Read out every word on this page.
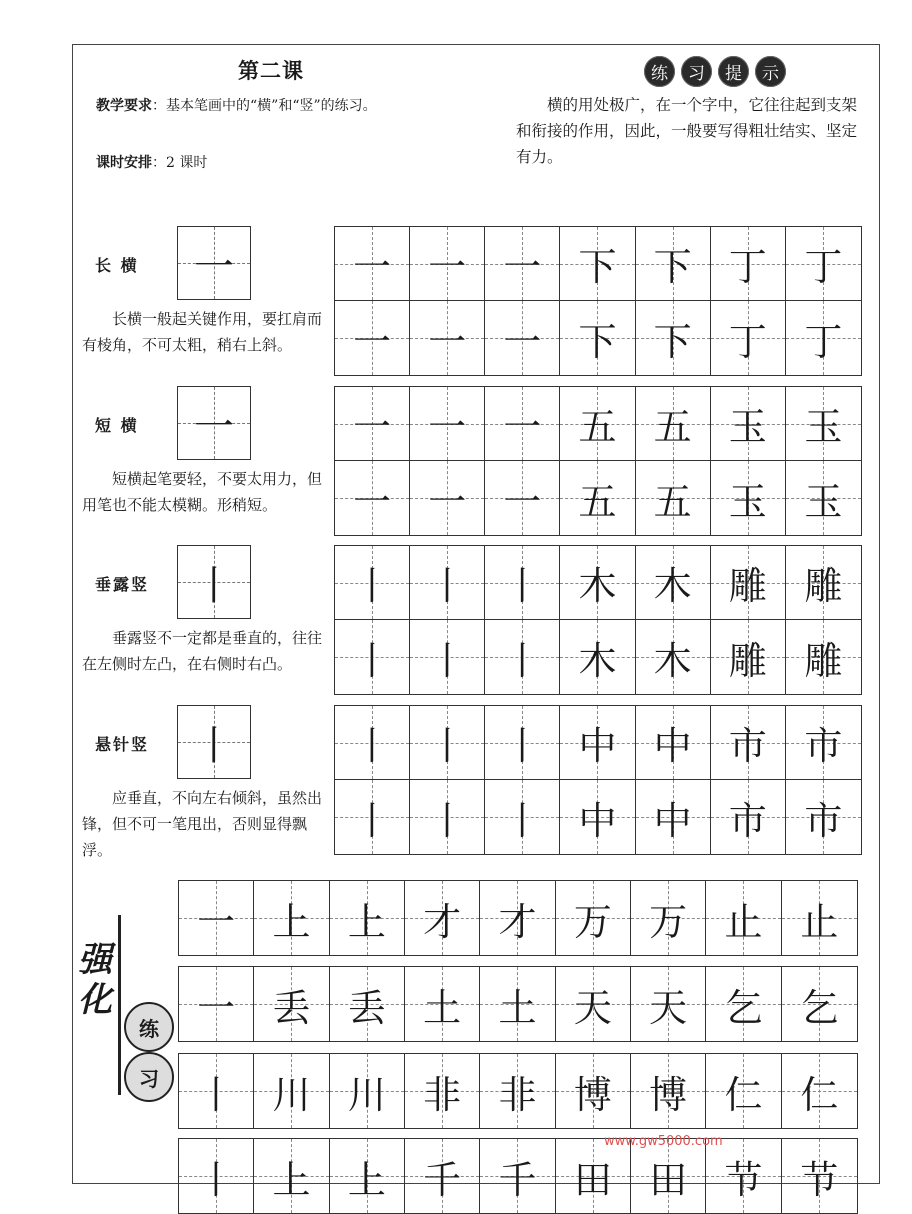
第二课
教学要求：基本笔画中的“横”和“竖”的练习。
课时安排：2 课时
练	习	提	示
横的用处极广，在一个字中，它往往起到支架和衔接的作用，因此，一般要写得粗壮结实、坚定有力。
长 横	一
长横一般起关键作用，要扛肩而有棱角，不可太粗，稍右上斜。
一 一 一 下 下 丁 丁
一 一 一 下 下 丁 丁
短 横	一
短横起笔要轻，不要太用力，但用笔也不能太模糊。形稍短。
一 一 一 五 五 玉 玉
一 一 一 五 五 玉 玉
垂露竖	丨
垂露竖不一定都是垂直的，往往在左侧时左凸，在右侧时右凸。
丨 丨 丨 木 木 雕 雕
丨 丨 丨 木 木 雕 雕
悬针竖	丨
应垂直，不向左右倾斜，虽然出锋，但不可一笔甩出，否则显得飘浮。
丨 丨 丨 中 中 市 市
丨 丨 丨 中 中 市 市
强
化
练
习
一 上 上 才 才 万 万 止 止
一 丢 丢 土 土 天 天 乞 乞
丨 川 川 非 非 博 博 仁 仁
丨 上 上 千 千 田 田 节 节
www.gw5000.com
